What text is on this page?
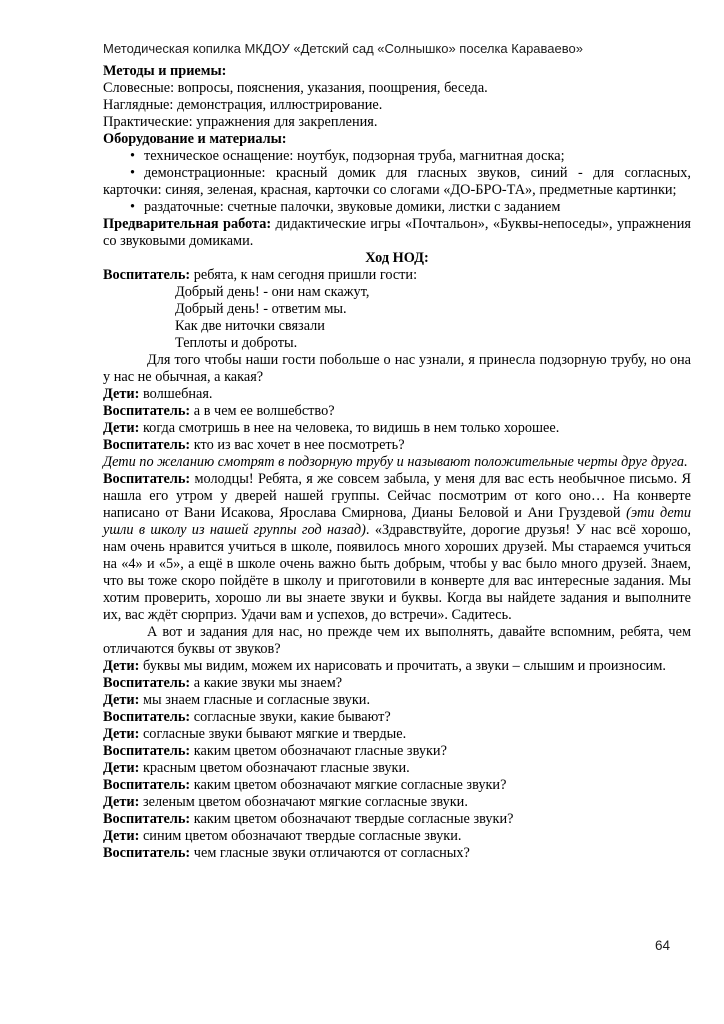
Методическая копилка МКДОУ «Детский сад «Солнышко» поселка Караваево»

Методы и приемы:

Словесные: вопросы, пояснения, указания, поощрения, беседа.

Наглядные: демонстрация, иллюстрирование.

Практические: упражнения для закрепления.

Оборудование и материалы:

• техническое оснащение: ноутбук, подзорная труба, магнитная доска;

• демонстрационные: красный домик для гласных звуков, синий - для согласных, карточки: синяя, зеленая, красная, карточки со слогами «ДО-БРО-ТА», предметные картинки;

• раздаточные: счетные палочки, звуковые домики, листки с заданием

Предварительная работа: дидактические игры «Почтальон», «Буквы-непоседы», упражнения со звуковыми домиками.

Ход НОД:

Воспитатель: ребята, к нам сегодня пришли гости:

Добрый день! - они нам скажут,

Добрый день! - ответим мы.

Как две ниточки связали

Теплоты и доброты.

Для того чтобы наши гости побольше о нас узнали, я принесла подзорную трубу, но она у нас не обычная, а какая?

Дети: волшебная.

Воспитатель: а в чем ее волшебство?

Дети: когда смотришь в нее на человека, то видишь в нем только хорошее.

Воспитатель: кто из вас хочет в нее посмотреть?

Дети по желанию смотрят в подзорную трубу и называют положительные черты друг друга.

Воспитатель: молодцы! Ребята, я же совсем забыла, у меня для вас есть необычное письмо. Я нашла его утром у дверей нашей группы. Сейчас посмотрим от кого оно… На конверте написано от Вани Исакова, Ярослава Смирнова, Дианы Беловой и Ани Груздевой (эти дети ушли в школу из нашей группы год назад). «Здравствуйте, дорогие друзья! У нас всё хорошо, нам очень нравится учиться в школе, появилось много хороших друзей. Мы стараемся учиться на «4» и «5», а ещё в школе очень важно быть добрым, чтобы у вас было много друзей. Знаем, что вы тоже скоро пойдёте в школу и приготовили в конверте для вас интересные задания. Мы хотим проверить, хорошо ли вы знаете звуки и буквы. Когда вы найдете задания и выполните их, вас ждёт сюрприз. Удачи вам и успехов, до встречи». Садитесь.

А вот и задания для нас, но прежде чем их выполнять, давайте вспомним, ребята, чем отличаются буквы от звуков?

Дети: буквы мы видим, можем их нарисовать и прочитать, а звуки – слышим и произносим.

Воспитатель: а какие звуки мы знаем?

Дети: мы знаем гласные и согласные звуки.

Воспитатель: согласные звуки, какие бывают?

Дети: согласные звуки бывают мягкие и твердые.

Воспитатель: каким цветом обозначают гласные звуки?

Дети: красным цветом обозначают гласные звуки.

Воспитатель: каким цветом обозначают мягкие согласные звуки?

Дети: зеленым цветом обозначают мягкие согласные звуки.

Воспитатель: каким цветом обозначают твердые согласные звуки?

Дети: синим цветом обозначают твердые согласные звуки.

Воспитатель: чем гласные звуки отличаются от согласных?

64
